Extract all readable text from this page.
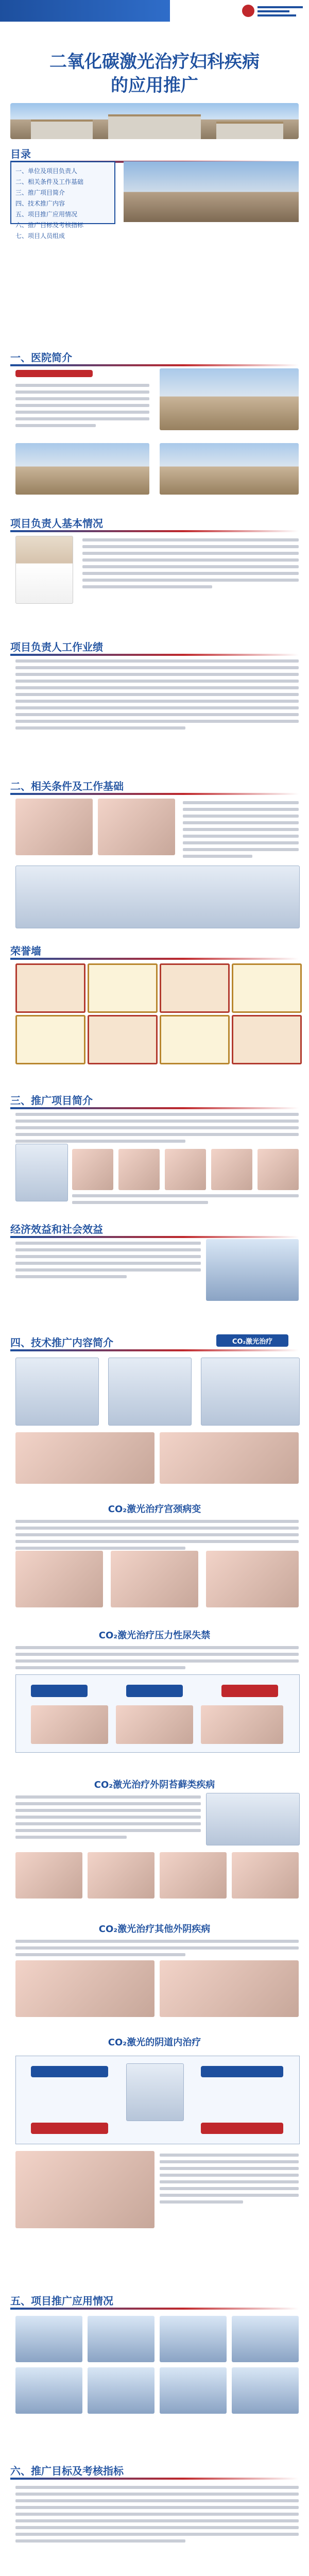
二氧化碳激光治疗妇科疾病
的应用推广
目录
一、单位及项目负责人
二、相关条件及工作基础
三、推广项目简介
四、技术推广内容
五、项目推广应用情况
六、推广目标及考核指标
七、项目人员组成
一、医院简介
项目负责人基本情况
项目负责人工作业绩
二、相关条件及工作基础
荣誉墙
三、推广项目简介
经济效益和社会效益
四、技术推广内容简介	CO₂激光治疗
CO₂激光治疗宫颈病变
CO₂激光治疗压力性尿失禁
CO₂激光治疗外阴苔藓类疾病
CO₂激光治疗其他外阴疾病
CO₂激光的阴道内治疗
五、项目推广应用情况
六、推广目标及考核指标
